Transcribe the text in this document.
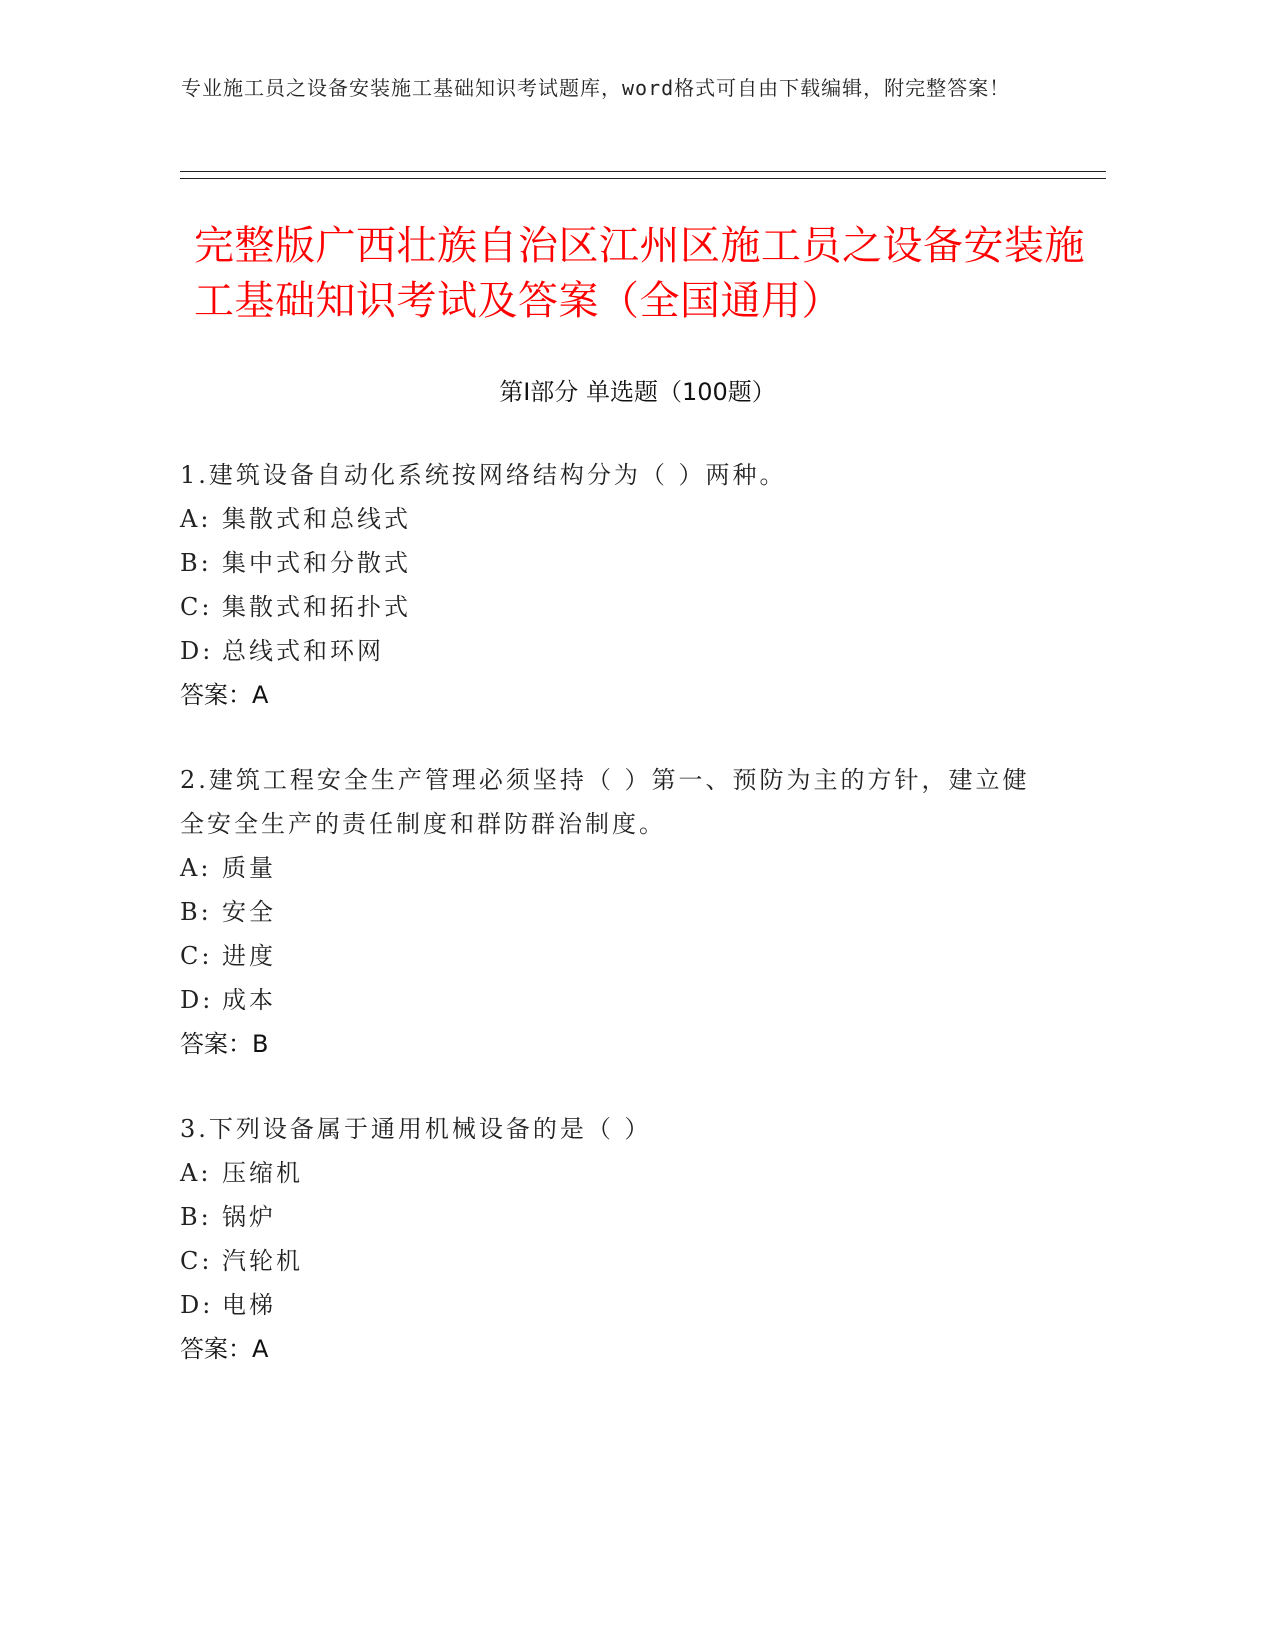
专业施工员之设备安装施工基础知识考试题库，word格式可自由下载编辑，附完整答案！
完整版广西壮族自治区江州区施工员之设备安装施工基础知识考试及答案（全国通用）
第Ⅰ部分 单选题（100题）
1.建筑设备自动化系统按网络结构分为（ ）两种。
A: 集散式和总线式
B: 集中式和分散式
C: 集散式和拓扑式
D: 总线式和环网
答案：A
2.建筑工程安全生产管理必须坚持（ ）第一、预防为主的方针，建立健全安全生产的责任制度和群防群治制度。
A: 质量
B: 安全
C: 进度
D: 成本
答案：B
3.下列设备属于通用机械设备的是（ ）
A: 压缩机
B: 锅炉
C: 汽轮机
D: 电梯
答案：A
